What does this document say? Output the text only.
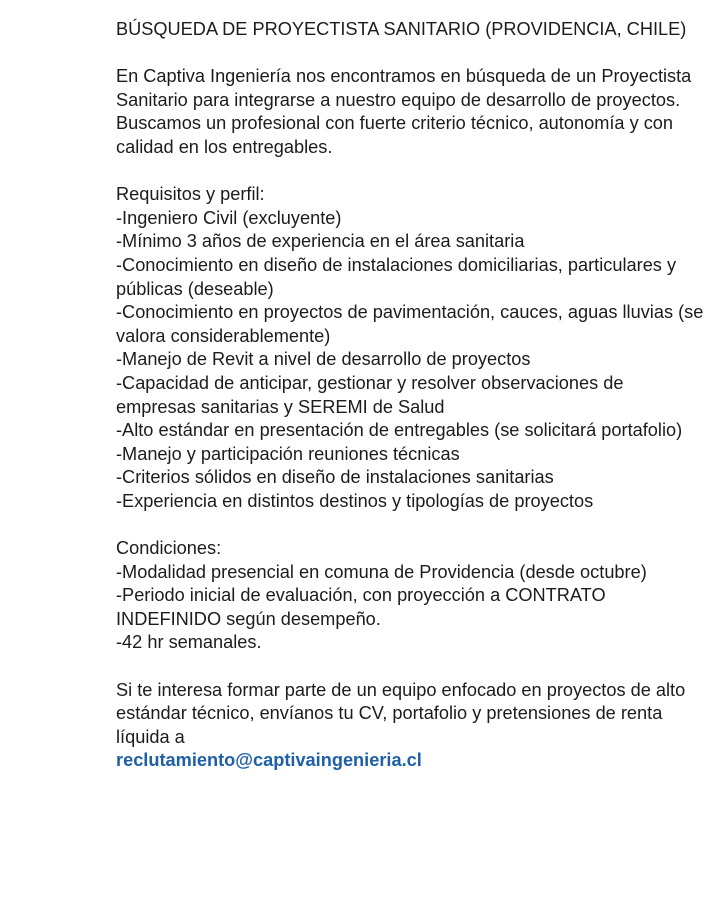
BÚSQUEDA DE PROYECTISTA SANITARIO (PROVIDENCIA, CHILE)

En Captiva Ingeniería nos encontramos en búsqueda de un Proyectista Sanitario para integrarse a nuestro equipo de desarrollo de proyectos.

Buscamos un profesional con fuerte criterio técnico, autonomía y con calidad en los entregables.

Requisitos y perfil:

-Ingeniero Civil (excluyente)

-Mínimo 3 años de experiencia en el área sanitaria

-Conocimiento en diseño de instalaciones domiciliarias, particulares y públicas (deseable)

-Conocimiento en proyectos de pavimentación, cauces, aguas lluvias (se valora considerablemente)

-Manejo de Revit a nivel de desarrollo de proyectos

-Capacidad de anticipar, gestionar y resolver observaciones de empresas sanitarias y SEREMI de Salud

-Alto estándar en presentación de entregables (se solicitará portafolio)

-Manejo y participación reuniones técnicas

-Criterios sólidos en diseño de instalaciones sanitarias

-Experiencia en distintos destinos y tipologías de proyectos

Condiciones:

-Modalidad presencial en comuna de Providencia (desde octubre)

-Periodo inicial de evaluación, con proyección a CONTRATO INDEFINIDO según desempeño.

-42 hr semanales.

Si te interesa formar parte de un equipo enfocado en proyectos de alto estándar técnico, envíanos tu CV, portafolio y pretensiones de renta líquida a

reclutamiento@captivaingenieria.cl
